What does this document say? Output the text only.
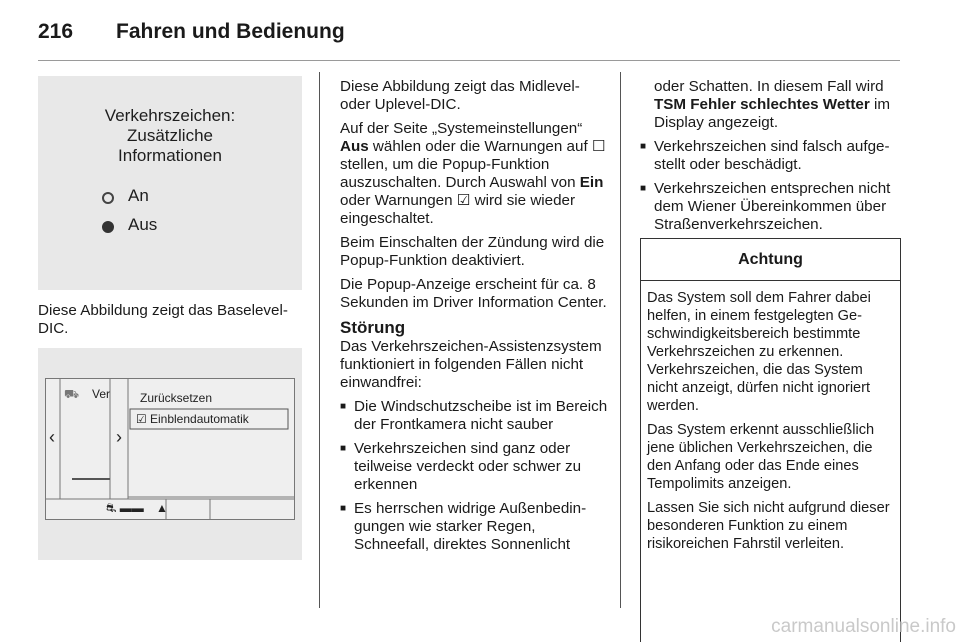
216 Fahren und Bedienung
Verkehrszeichen:
Zusätzliche
Informationen
An
Aus
Diese Abbildung zeigt das Baselevel-DIC.
⛟ Ver
‹	›
Zurücksetzen
☑ Einblendautomatik
⛐ ▬▬ ▲

Diese Abbildung zeigt das Midlevel- oder Uplevel-DIC.

Auf der Seite „Systemeinstellungen“ Aus wählen oder die Warnungen auf ☐ stellen, um die Popup-Funktion auszuschalten. Durch Auswahl von Ein oder Warnungen ☑ wird sie wieder eingeschaltet.

Beim Einschalten der Zündung wird die Popup-Funktion deaktiviert.

Die Popup-Anzeige erscheint für ca. 8 Sekunden im Driver Information Center.

Störung

Das Verkehrszeichen-Assistenzsystem funktioniert in folgenden Fällen nicht einwandfrei:

■ Die Windschutzscheibe ist im Bereich der Frontkamera nicht sauber
■ Verkehrszeichen sind ganz oder teilweise verdeckt oder schwer zu erkennen
■ Es herrschen widrige Außenbedingungen wie starker Regen, Schneefall, direktes Sonnenlicht

oder Schatten. In diesem Fall wird TSM Fehler schlechtes Wetter im Display angezeigt.

■ Verkehrszeichen sind falsch aufgestellt oder beschädigt.
■ Verkehrszeichen entsprechen nicht dem Wiener Übereinkommen über Straßenverkehrszeichen.
Achtung

Das System soll dem Fahrer dabei helfen, in einem festgelegten Geschwindigkeitsbereich bestimmte Verkehrszeichen zu erkennen. Verkehrszeichen, die das System nicht anzeigt, dürfen nicht ignoriert werden.

Das System erkennt ausschließlich jene üblichen Verkehrszeichen, die den Anfang oder das Ende eines Tempolimits anzeigen.

Lassen Sie sich nicht aufgrund dieser besonderen Funktion zu einem risikoreichen Fahrstil verleiten.

carmanualsonline.info
